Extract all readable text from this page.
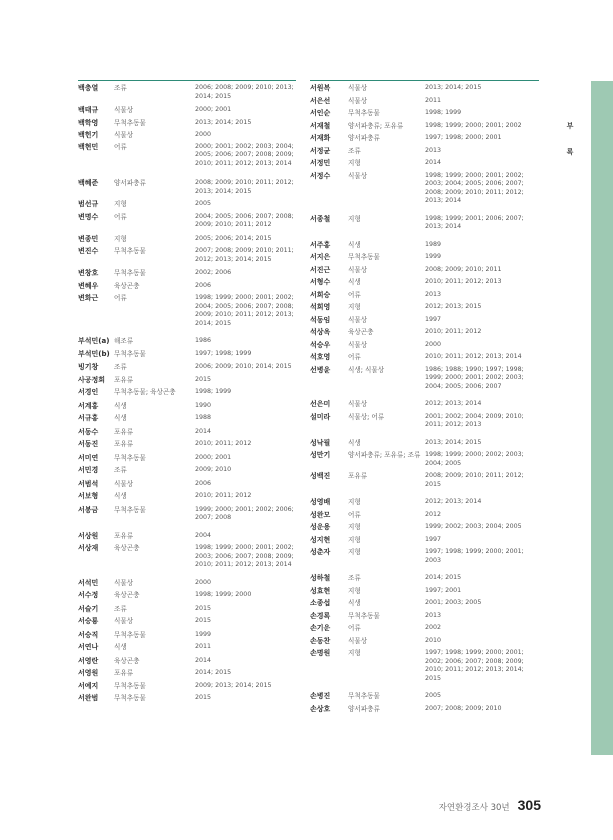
백충열	조류	2006; 2008; 2009; 2010; 2013; 2014; 2015
백태규	식물상	2000; 2001
백학영	무척추동물	2013; 2014; 2015
백헌기	식물상	2000
백현민	어류	2000; 2001; 2002; 2003; 2004; 2005; 2006; 2007; 2008; 2009; 2010; 2011; 2012; 2013; 2014
백혜준	양서파충류	2008; 2009; 2010; 2011; 2012; 2013; 2014; 2015
범선규	지형	2005
변명수	어류	2004; 2005; 2006; 2007; 2008; 2009; 2010; 2011; 2012
변종민	지형	2005; 2006; 2014; 2015
변진수	무척추동물	2007; 2008; 2009; 2010; 2011; 2012; 2013; 2014; 2015
변창호	무척추동물	2002; 2006
변혜우	육상곤충	2006
변화근	어류	1998; 1999; 2000; 2001; 2002; 2004; 2005; 2006; 2007; 2008; 2009; 2010; 2011; 2012; 2013; 2014; 2015
부석민(a) 해조류	1986
부석민(b) 무척추동물	1997; 1998; 1999
빙기창	조류	2006; 2009; 2010; 2014; 2015
사공정희	포유류	2015
서경인	무척추동물; 육상곤충	1998; 1999
서계홍	식생	1990
서규홍	식생	1988
서동수	포유류	2014
서동진	포유류	2010; 2011; 2012
서미연	무척추동물	2000; 2001
서민경	조류	2009; 2010
서범석	식물상	2006
서보형	식생	2010; 2011; 2012
서봉금	무척추동물	1999; 2000; 2001; 2002; 2006; 2007; 2008
서상원	포유류	2004
서상재	육상곤충	1998; 1999; 2000; 2001; 2002; 2003; 2006; 2007; 2008; 2009; 2010; 2011; 2012; 2013; 2014
서석민	식물상	2000
서수정	육상곤충	1998; 1999; 2000
서슬기	조류	2015
서승룡	식물상	2015
서승직	무척추동물	1999
서연나	식생	2011
서영란	육상곤충	2014
서영원	포유류	2014; 2015
서예지	무척추동물	2009; 2013; 2014; 2015
서완범	무척추동물	2015
서원복	식물상	2013; 2014; 2015
서은선	식물상	2011
서인순	무척추동물	1998; 1999
서재철	양서파충류; 포유류	1998; 1999; 2000; 2001; 2002
서재화	양서파충류	1997; 1998; 2000; 2001
서정균	조류	2013
서정민	지형	2014
서정수	식물상	1998; 1999; 2000; 2001; 2002; 2003; 2004; 2005; 2006; 2007; 2008; 2009; 2010; 2011; 2012; 2013; 2014
서종철	지형	1998; 1999; 2001; 2006; 2007; 2013; 2014
서주홍	식생	1989
서지은	무척추동물	1999
서진근	식물상	2008; 2009; 2010; 2011
서형수	식생	2010; 2011; 2012; 2013
서희승	어류	2013
석희영	지형	2012; 2013; 2015
석동임	식물상	1997
석상옥	육상곤충	2010; 2011; 2012
석승우	식물상	2000
석호영	어류	2010; 2011; 2012; 2013; 2014
선병윤	식생; 식물상	1986; 1988; 1990; 1997; 1998; 1999; 2000; 2001; 2002; 2003; 2004; 2005; 2006; 2007
선은미	식물상	2012; 2013; 2014
설미라	식물상; 어류	2001; 2002; 2004; 2009; 2010; 2011; 2012; 2013
성낙필	식생	2013; 2014; 2015
성만기	양서파충류; 포유류; 조류 1998; 1999; 2000; 2002; 2003; 2004; 2005
성백진	포유류	2008; 2009; 2010; 2011; 2012; 2015
성영배	지형	2012; 2013; 2014
성완모	어류	2012
성운용	지형	1999; 2002; 2003; 2004; 2005
성지현	지형	1997
성춘자	지형	1997; 1998; 1999; 2000; 2001; 2003
성하철	조류	2014; 2015
성효현	지형	1997; 2001
소종섭	식생	2001; 2003; 2005
손경록	무척추동물	2013
손기운	어류	2002
손동찬	식물상	2010
손명원	지형	1997; 1998; 1999; 2000; 2001; 2002; 2006; 2007; 2008; 2009; 2010; 2011; 2012; 2013; 2014; 2015
손병진	무척추동물	2005
손상호	양서파충류	2007; 2008; 2009; 2010
부
록
자연환경조사 30년 305
